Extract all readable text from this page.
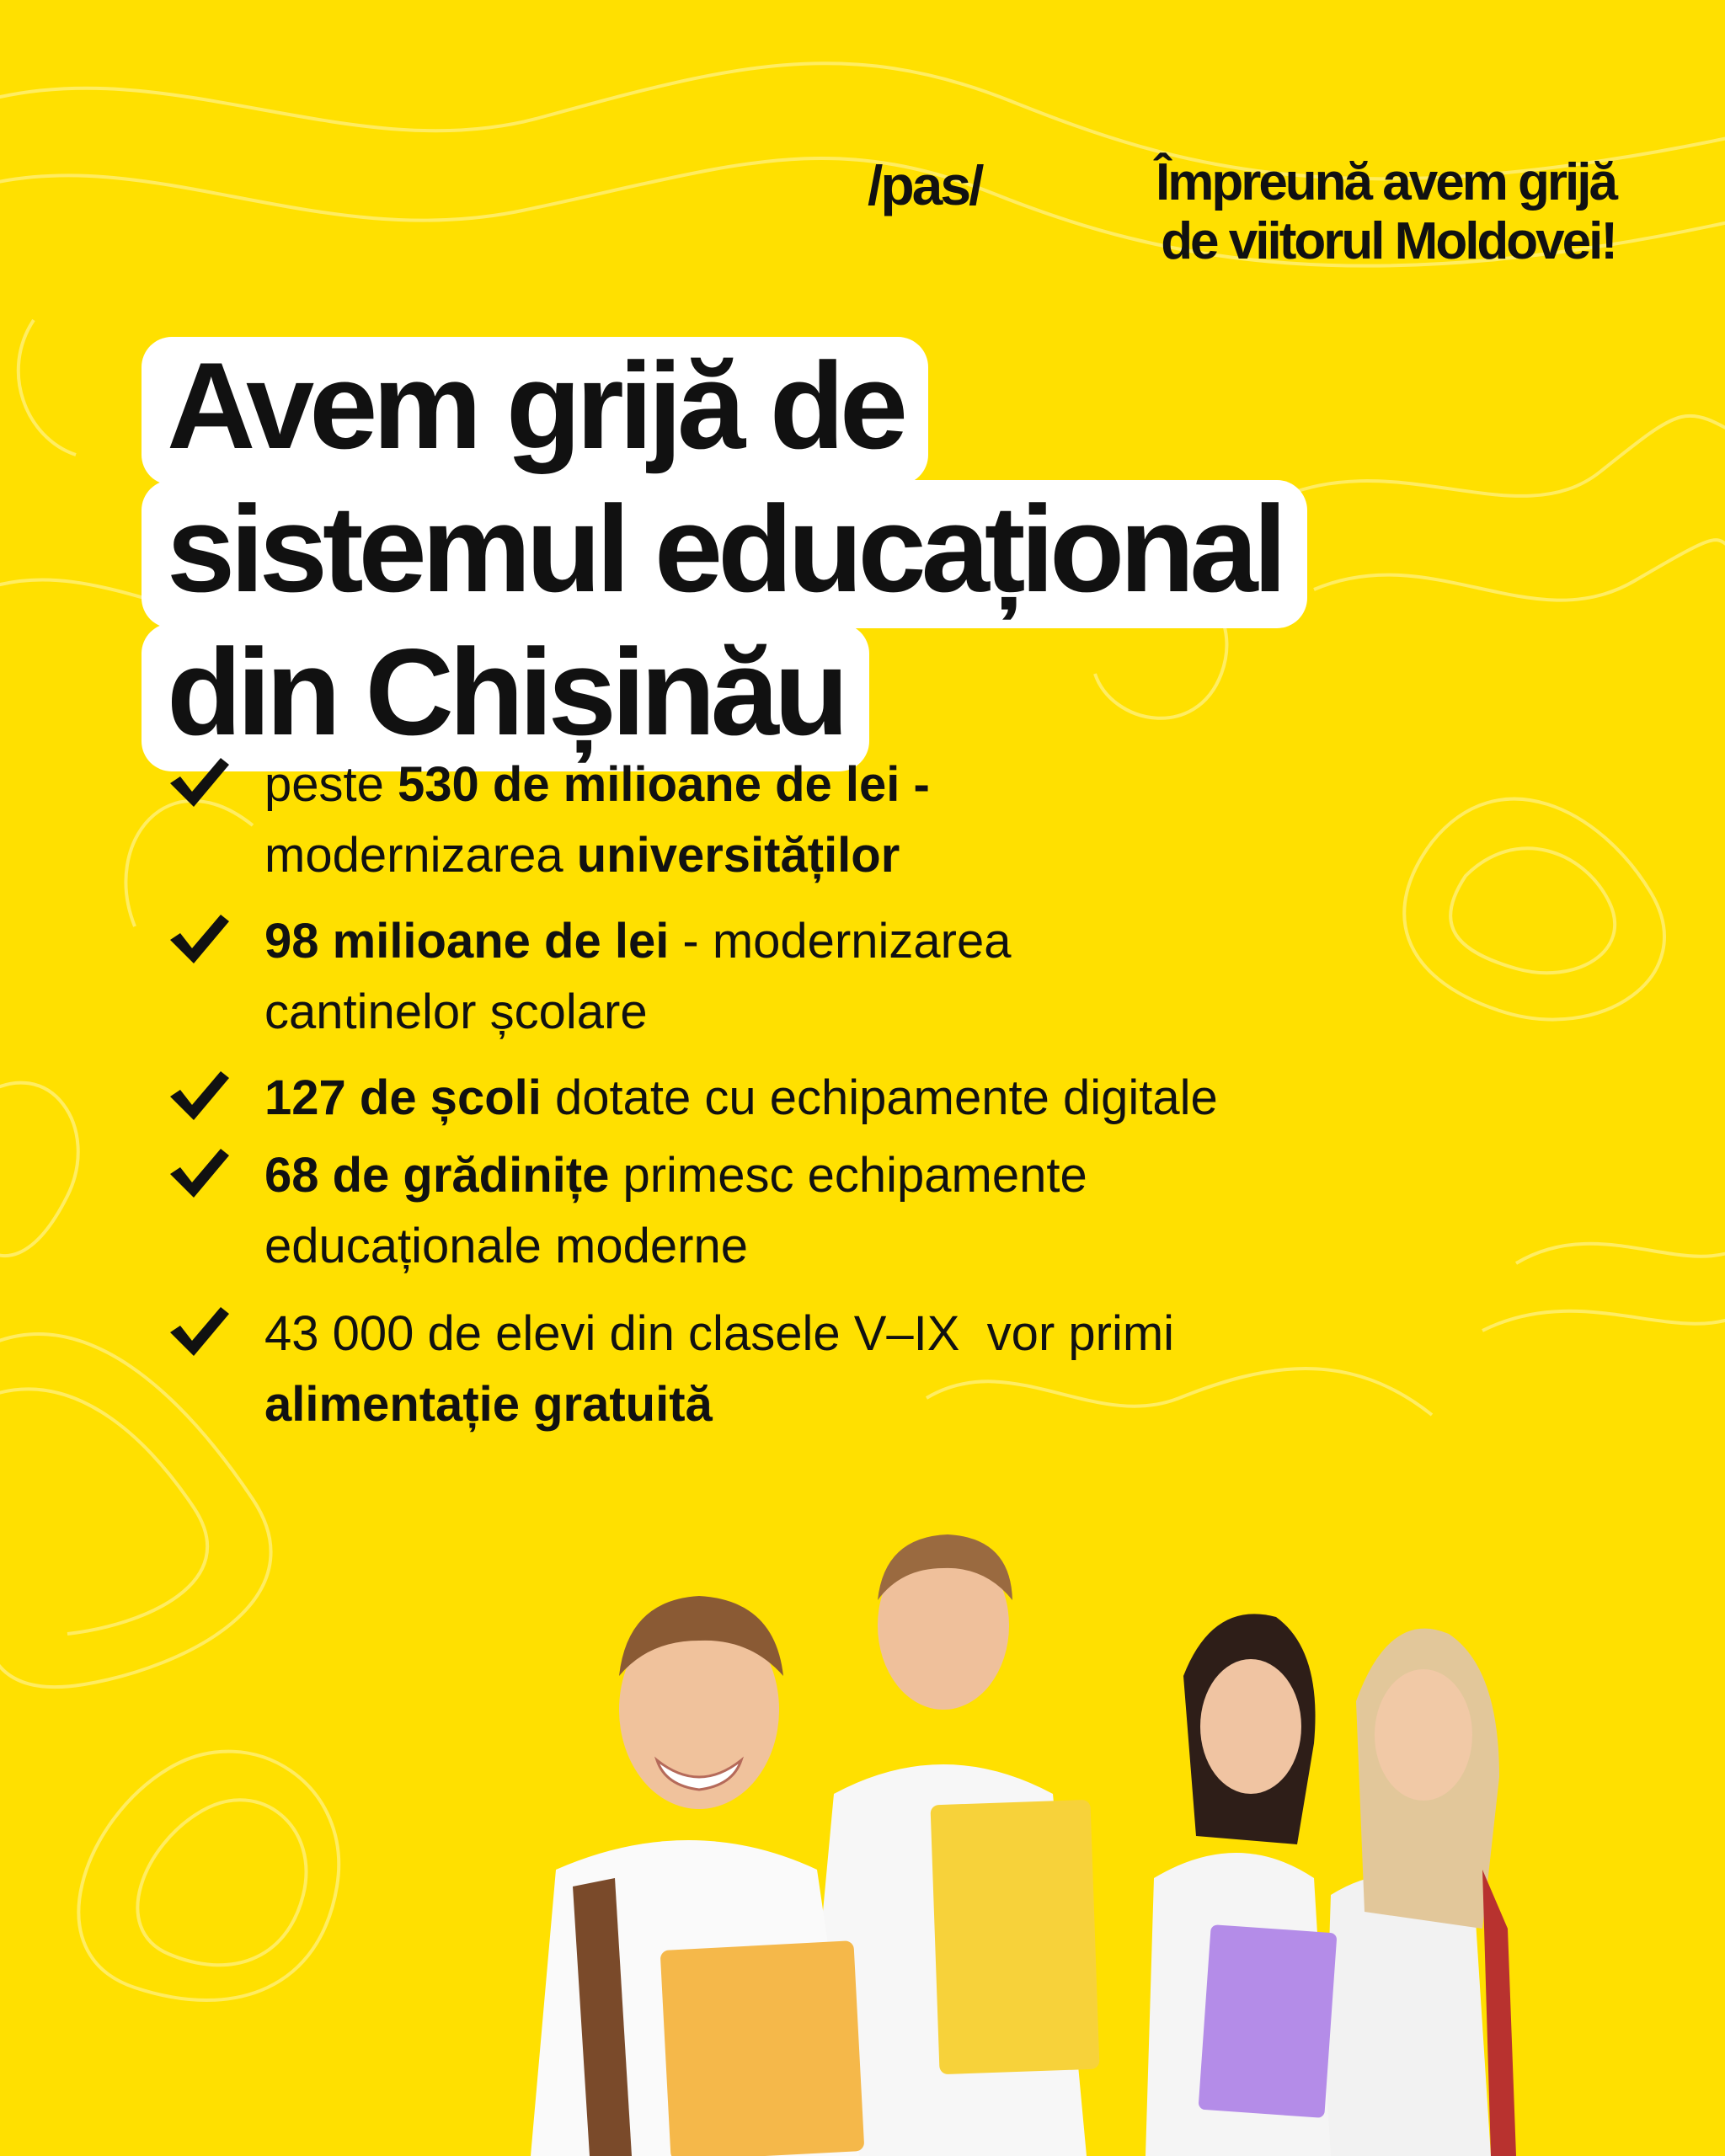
/pas/	Împreună avem grijă
de viitorul Moldovei!
Avem grijă de
sistemul educațional
din Chișinău
peste 530 de milioane de lei -
modernizarea universităților
98 milioane de lei - modernizarea
cantinelor școlare
127 de școli dotate cu echipamente digitale
68 de grădinițe primesc echipamente
educaționale moderne
43 000 de elevi din clasele V–IX  vor primi
alimentație gratuită
